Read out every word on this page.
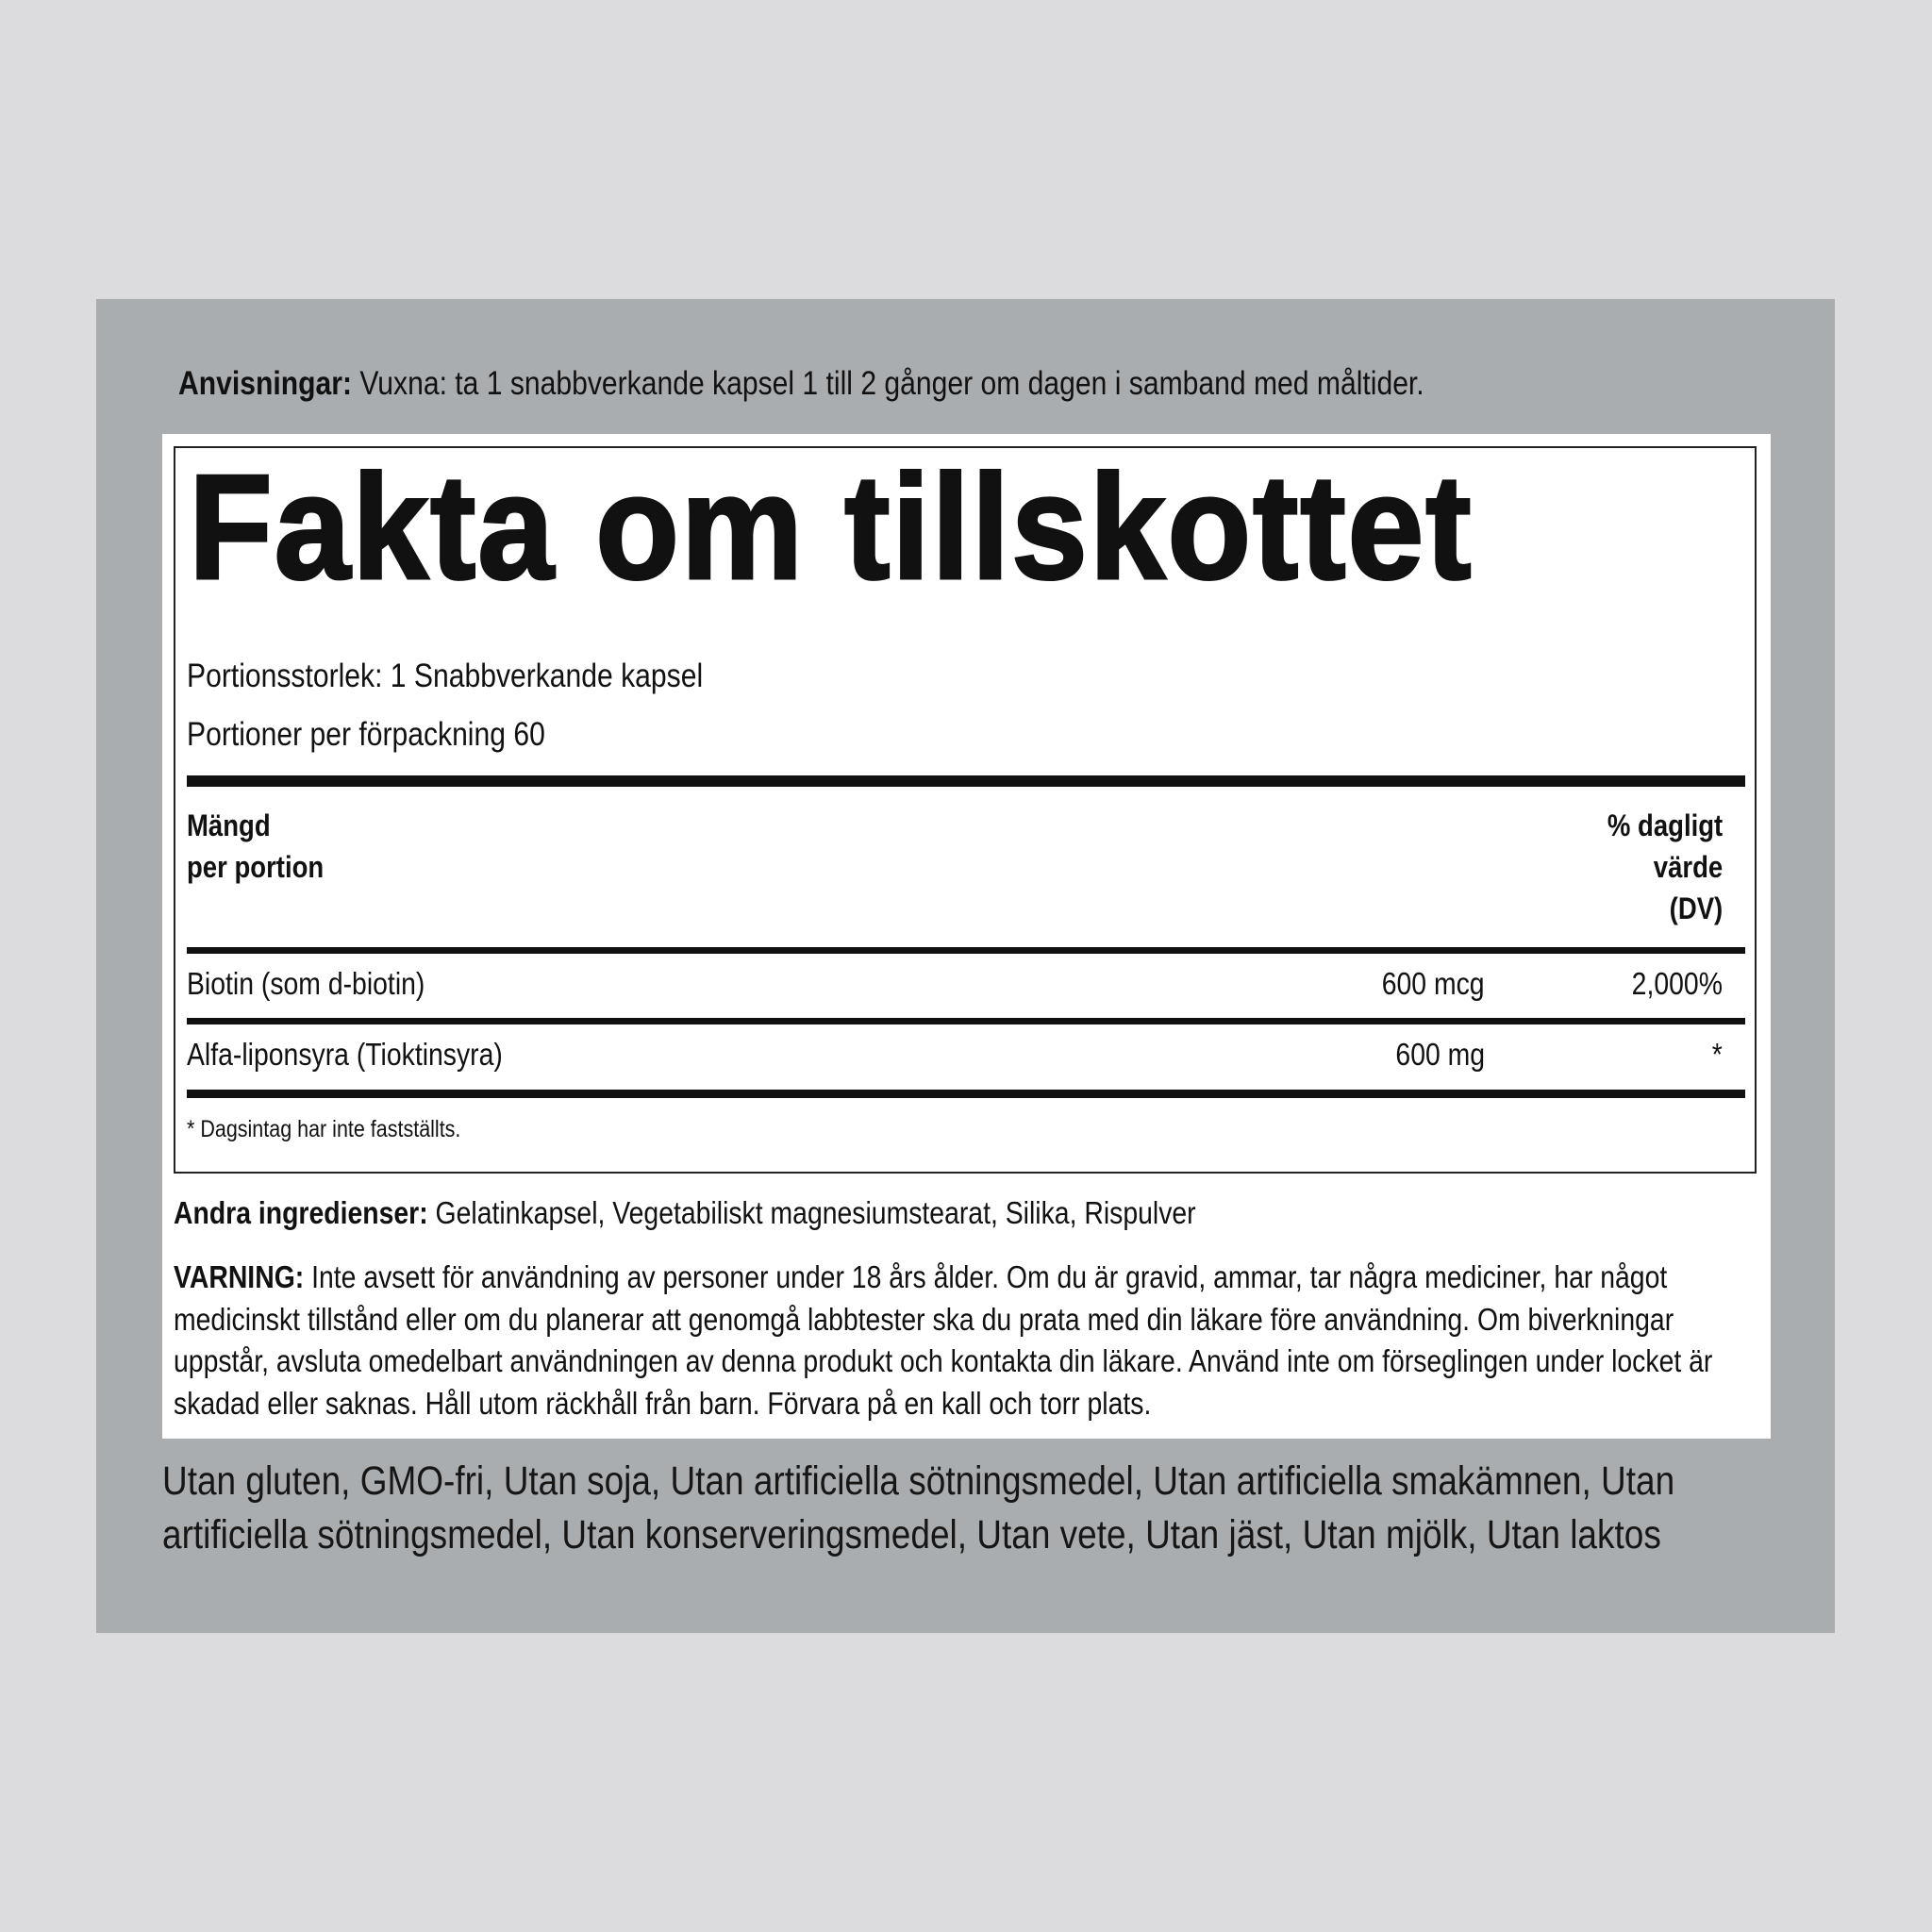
Anvisningar: Vuxna: ta 1 snabbverkande kapsel 1 till 2 gånger om dagen i samband med måltider.
Fakta om tillskottet
Portionsstorlek: 1 Snabbverkande kapsel
Portioner per förpackning 60
Mängd
per portion
% dagligt
värde
(DV)
Biotin (som d-biotin)	600 mcg	2,000%
Alfa-liponsyra (Tioktinsyra)	600 mg	*
* Dagsintag har inte fastställts.
Andra ingredienser: Gelatinkapsel, Vegetabiliskt magnesiumstearat, Silika, Rispulver
VARNING: Inte avsett för användning av personer under 18 års ålder. Om du är gravid, ammar, tar några mediciner, har något medicinskt tillstånd eller om du planerar att genomgå labbtester ska du prata med din läkare före användning. Om biverkningar uppstår, avsluta omedelbart användningen av denna produkt och kontakta din läkare. Använd inte om förseglingen under locket är skadad eller saknas. Håll utom räckhåll från barn. Förvara på en kall och torr plats.
Utan gluten, GMO-fri, Utan soja, Utan artificiella sötningsmedel, Utan artificiella smakämnen, Utan artificiella sötningsmedel, Utan konserveringsmedel, Utan vete, Utan jäst, Utan mjölk, Utan laktos
